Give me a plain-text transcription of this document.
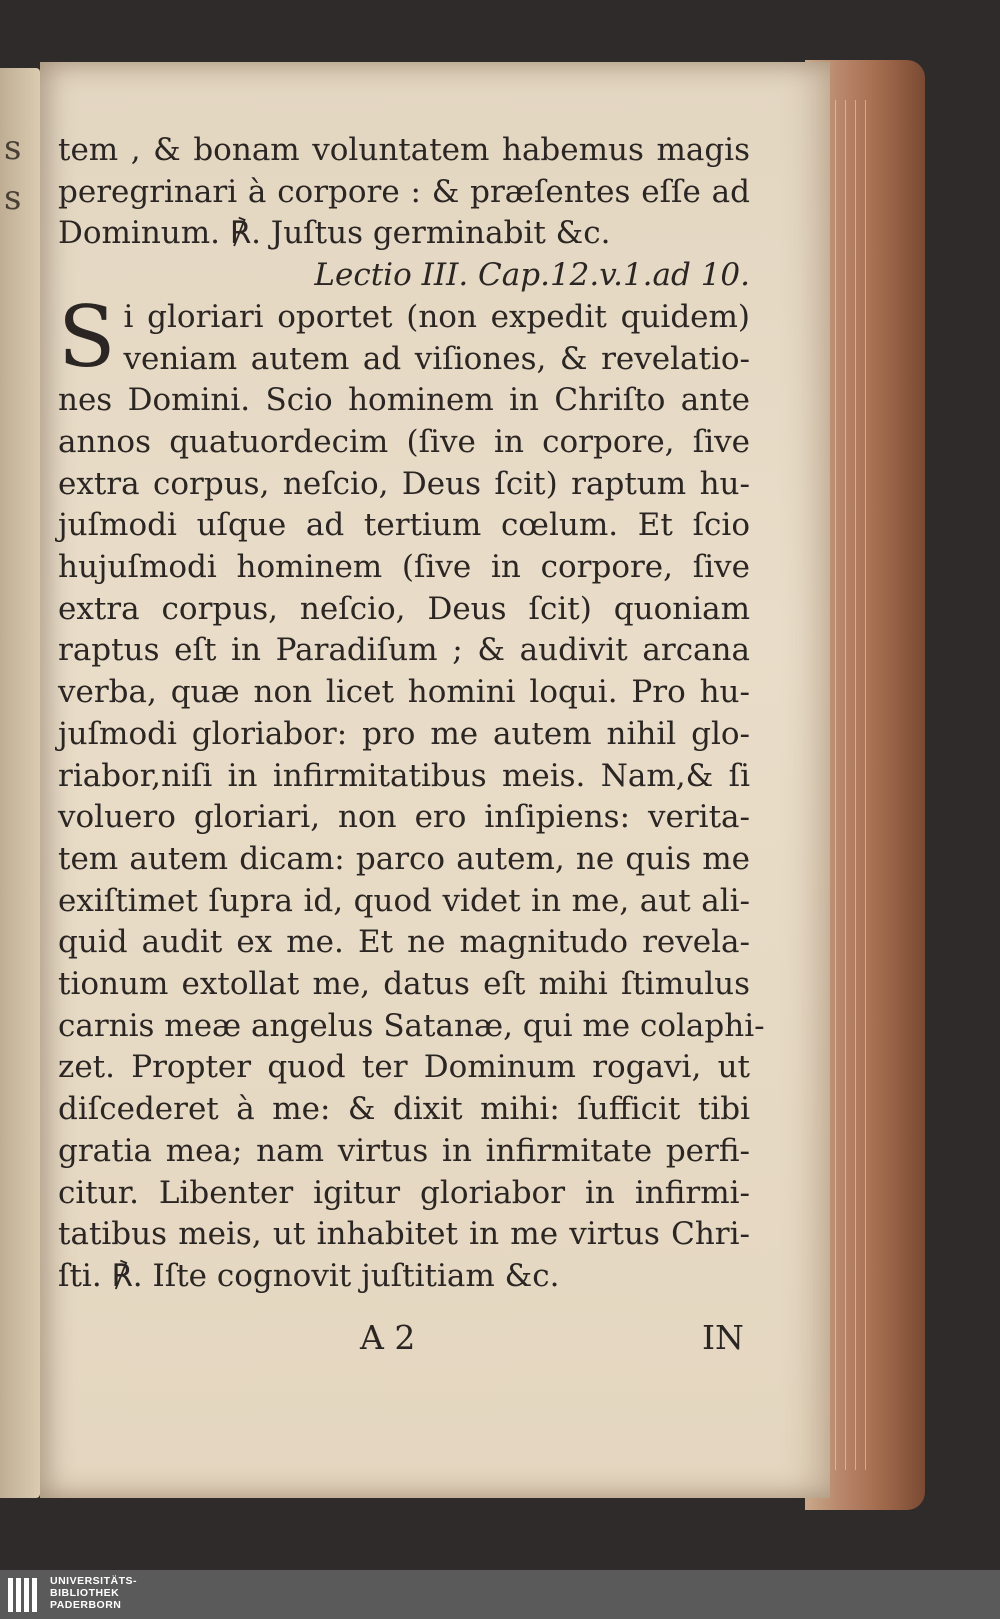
s
s
tem , & bonam voluntatem habemus magis
peregrinari à corpore : & præſentes eſſe ad
Dominum. ℟. Juſtus germinabit &c.
Lectio III. Cap.12.v.1.ad 10.
S i gloriari oportet (non expedit quidem)
veniam autem ad viſiones, & revelatio-
nes Domini. Scio hominem in Chriſto ante
annos quatuordecim (ſive in corpore, ſive
extra corpus, neſcio, Deus ſcit) raptum hu-
juſmodi uſque ad tertium cœlum. Et ſcio
hujuſmodi hominem (ſive in corpore, ſive
extra corpus, neſcio, Deus ſcit) quoniam
raptus eſt in Paradiſum ; & audivit arcana
verba, quæ non licet homini loqui. Pro hu-
juſmodi gloriabor: pro me autem nihil glo-
riabor,niſi in infirmitatibus meis. Nam,& ſi
voluero gloriari, non ero inſipiens: verita-
tem autem dicam: parco autem, ne quis me
exiſtimet ſupra id, quod videt in me, aut ali-
quid audit ex me. Et ne magnitudo revela-
tionum extollat me, datus eſt mihi ſtimulus
carnis meæ angelus Satanæ, qui me colaphi-
zet. Propter quod ter Dominum rogavi, ut
diſcederet à me: & dixit mihi: ſufficit tibi
gratia mea; nam virtus in infirmitate perfi-
citur. Libenter igitur gloriabor in infirmi-
tatibus meis, ut inhabitet in me virtus Chri-
ſti. ℟. Iſte cognovit juſtitiam &c.
A 2	IN
UNIVERSITÄTS-
BIBLIOTHEK
PADERBORN
